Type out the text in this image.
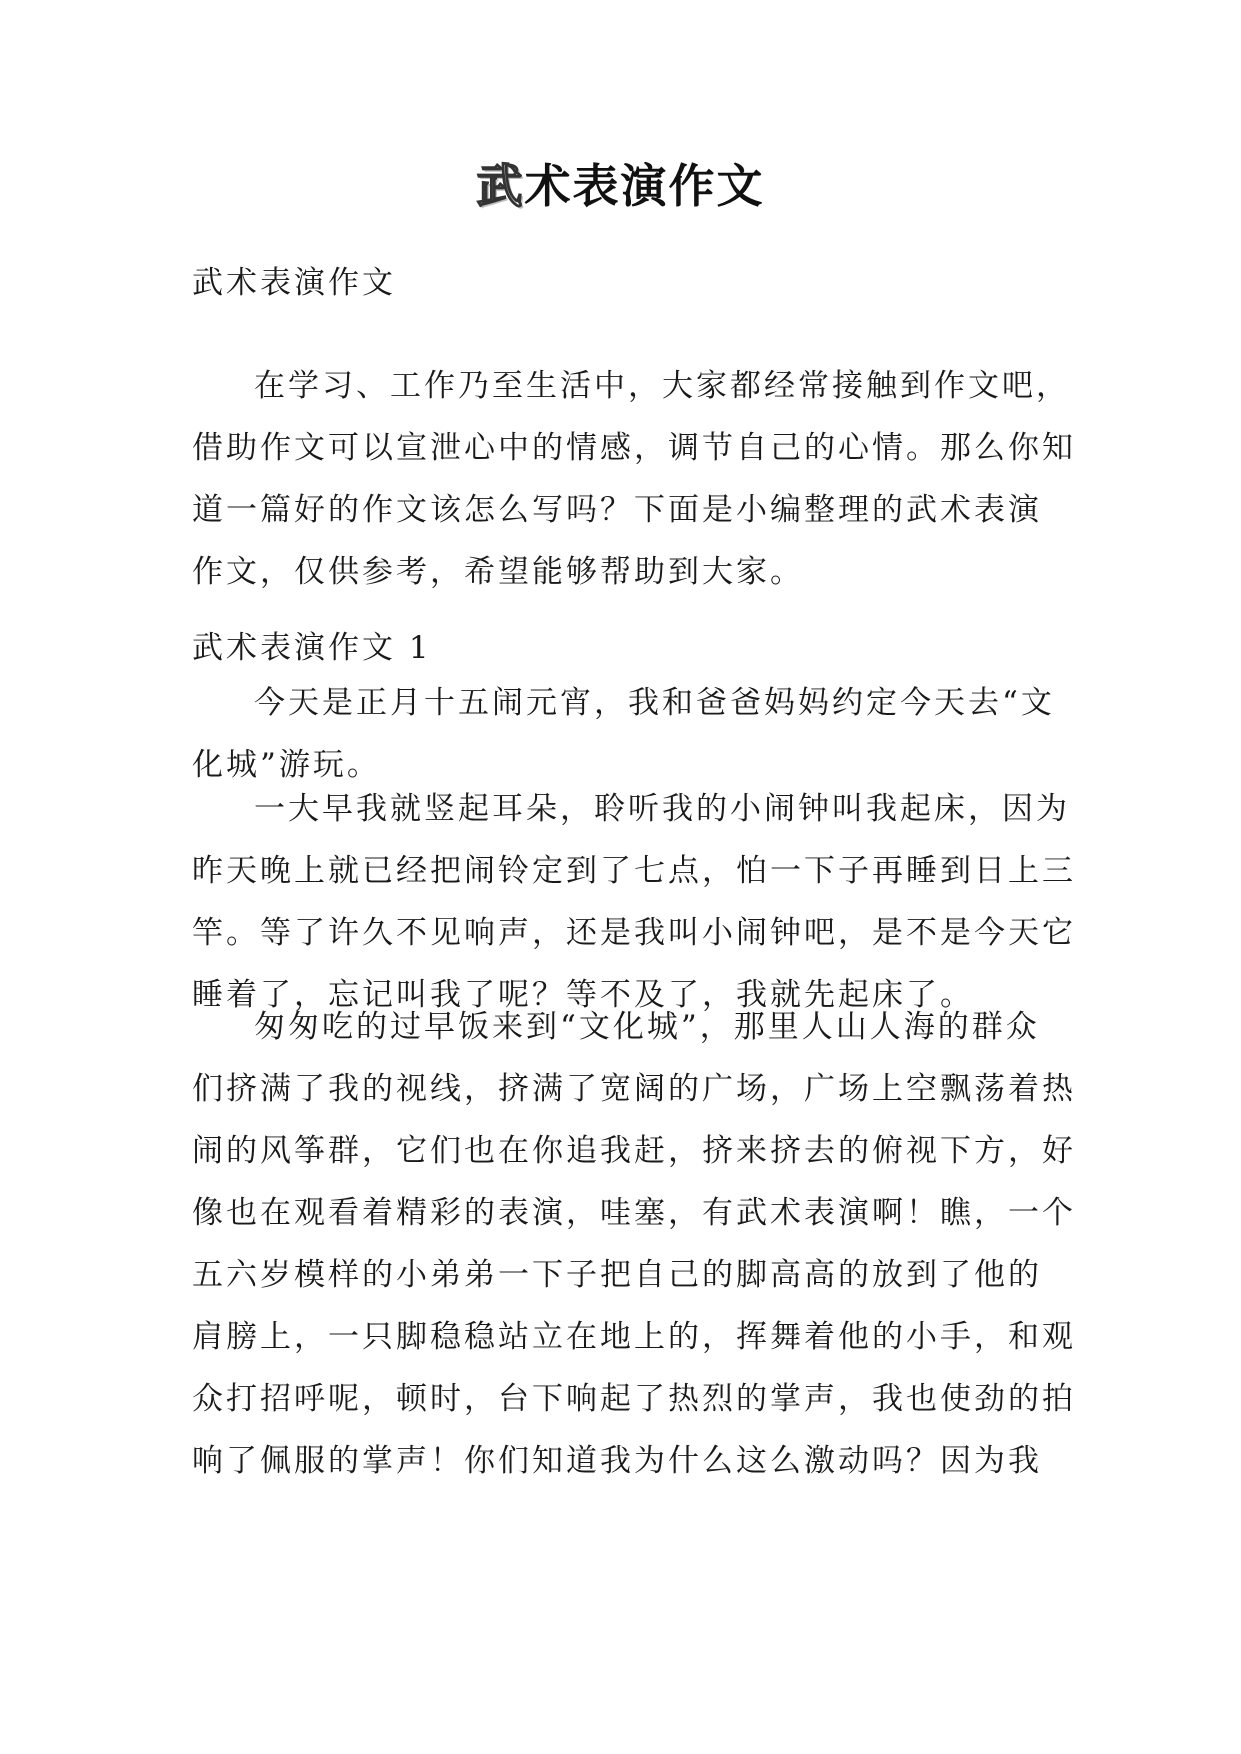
武术表演作文

武术表演作文

在学习、工作乃至生活中，大家都经常接触到作文吧，
借助作文可以宣泄心中的情感，调节自己的心情。那么你知
道一篇好的作文该怎么写吗？下面是小编整理的武术表演
作文，仅供参考，希望能够帮助到大家。

武术表演作文 1

今天是正月十五闹元宵，我和爸爸妈妈约定今天去“文
化城”游玩。
一大早我就竖起耳朵，聆听我的小闹钟叫我起床，因为
昨天晚上就已经把闹铃定到了七点，怕一下子再睡到日上三
竿。等了许久不见响声，还是我叫小闹钟吧，是不是今天它
睡着了，忘记叫我了呢？等不及了，我就先起床了。
匆匆吃的过早饭来到“文化城”，那里人山人海的群众
们挤满了我的视线，挤满了宽阔的广场，广场上空飘荡着热
闹的风筝群，它们也在你追我赶，挤来挤去的俯视下方，好
像也在观看着精彩的表演，哇塞，有武术表演啊！瞧，一个
五六岁模样的小弟弟一下子把自己的脚高高的放到了他的
肩膀上，一只脚稳稳站立在地上的，挥舞着他的小手，和观
众打招呼呢，顿时，台下响起了热烈的掌声，我也使劲的拍
响了佩服的掌声！你们知道我为什么这么激动吗？因为我
